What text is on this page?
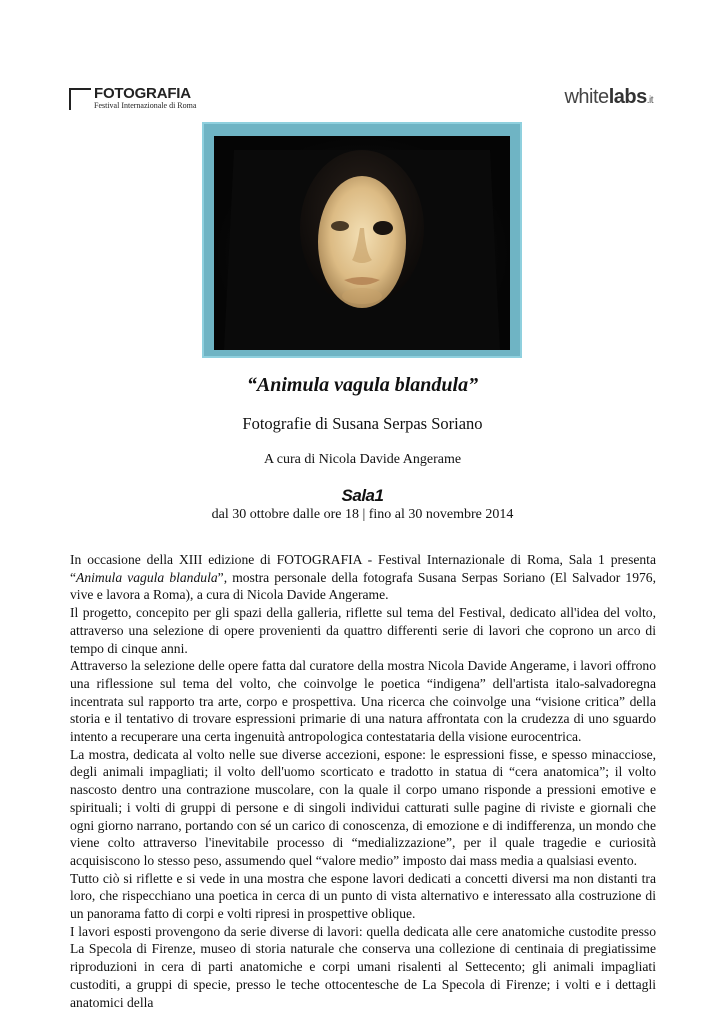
FOTOGRAFIA
Festival Internazionale di Roma	whitelabs.it
“Animula vagula blandula”
Fotografie di Susana Serpas Soriano
A cura di Nicola Davide Angerame
Sala1
dal 30 ottobre dalle ore 18 | fino al 30 novembre 2014

In occasione della XIII edizione di FOTOGRAFIA - Festival Internazionale di Roma, Sala 1 presenta “Animula vagula blandula”, mostra personale della fotografa Susana Serpas Soriano (El Salvador 1976, vive e lavora a Roma), a cura di Nicola Davide Angerame.

Il progetto, concepito per gli spazi della galleria, riflette sul tema del Festival, dedicato all'idea del volto, attraverso una selezione di opere provenienti da quattro differenti serie di lavori che coprono un arco di tempo di cinque anni.

Attraverso la selezione delle opere fatta dal curatore della mostra Nicola Davide Angerame, i lavori offrono una riflessione sul tema del volto, che coinvolge le poetica “indigena” dell'artista italo-salvadoregna incentrata sul rapporto tra arte, corpo e prospettiva. Una ricerca che coinvolge una “visione critica” della storia e il tentativo di trovare espressioni primarie di una natura affrontata con la crudezza di uno sguardo intento a recuperare una certa ingenuità antropologica contestataria della visione eurocentrica.

La mostra, dedicata al volto nelle sue diverse accezioni, espone: le espressioni fisse, e spesso minacciose, degli animali impagliati; il volto dell'uomo scorticato e tradotto in statua di “cera anatomica”; il volto nascosto dentro una contrazione muscolare, con la quale il corpo umano risponde a pressioni emotive e spirituali; i volti di gruppi di persone e di singoli individui catturati sulle pagine di riviste e giornali che ogni giorno narrano, portando con sé un carico di conoscenza, di emozione e di indifferenza, un mondo che viene colto attraverso l'inevitabile processo di “medializzazione”, per il quale tragedie e curiosità acquisiscono lo stesso peso, assumendo quel “valore medio” imposto dai mass media a qualsiasi evento.

Tutto ciò si riflette e si vede in una mostra che espone lavori dedicati a concetti diversi ma non distanti tra loro, che rispecchiano una poetica in cerca di un punto di vista alternativo e interessato alla costruzione di un panorama fatto di corpi e volti ripresi in prospettive oblique.

I lavori esposti provengono da serie diverse di lavori: quella dedicata alle cere anatomiche custodite presso La Specola di Firenze, museo di storia naturale che conserva una collezione di centinaia di pregiatissime riproduzioni in cera di parti anatomiche e corpi umani risalenti al Settecento; gli animali impagliati custoditi, a gruppi di specie, presso le teche ottocentesche de La Specola di Firenze; i volti e i dettagli anatomici della
